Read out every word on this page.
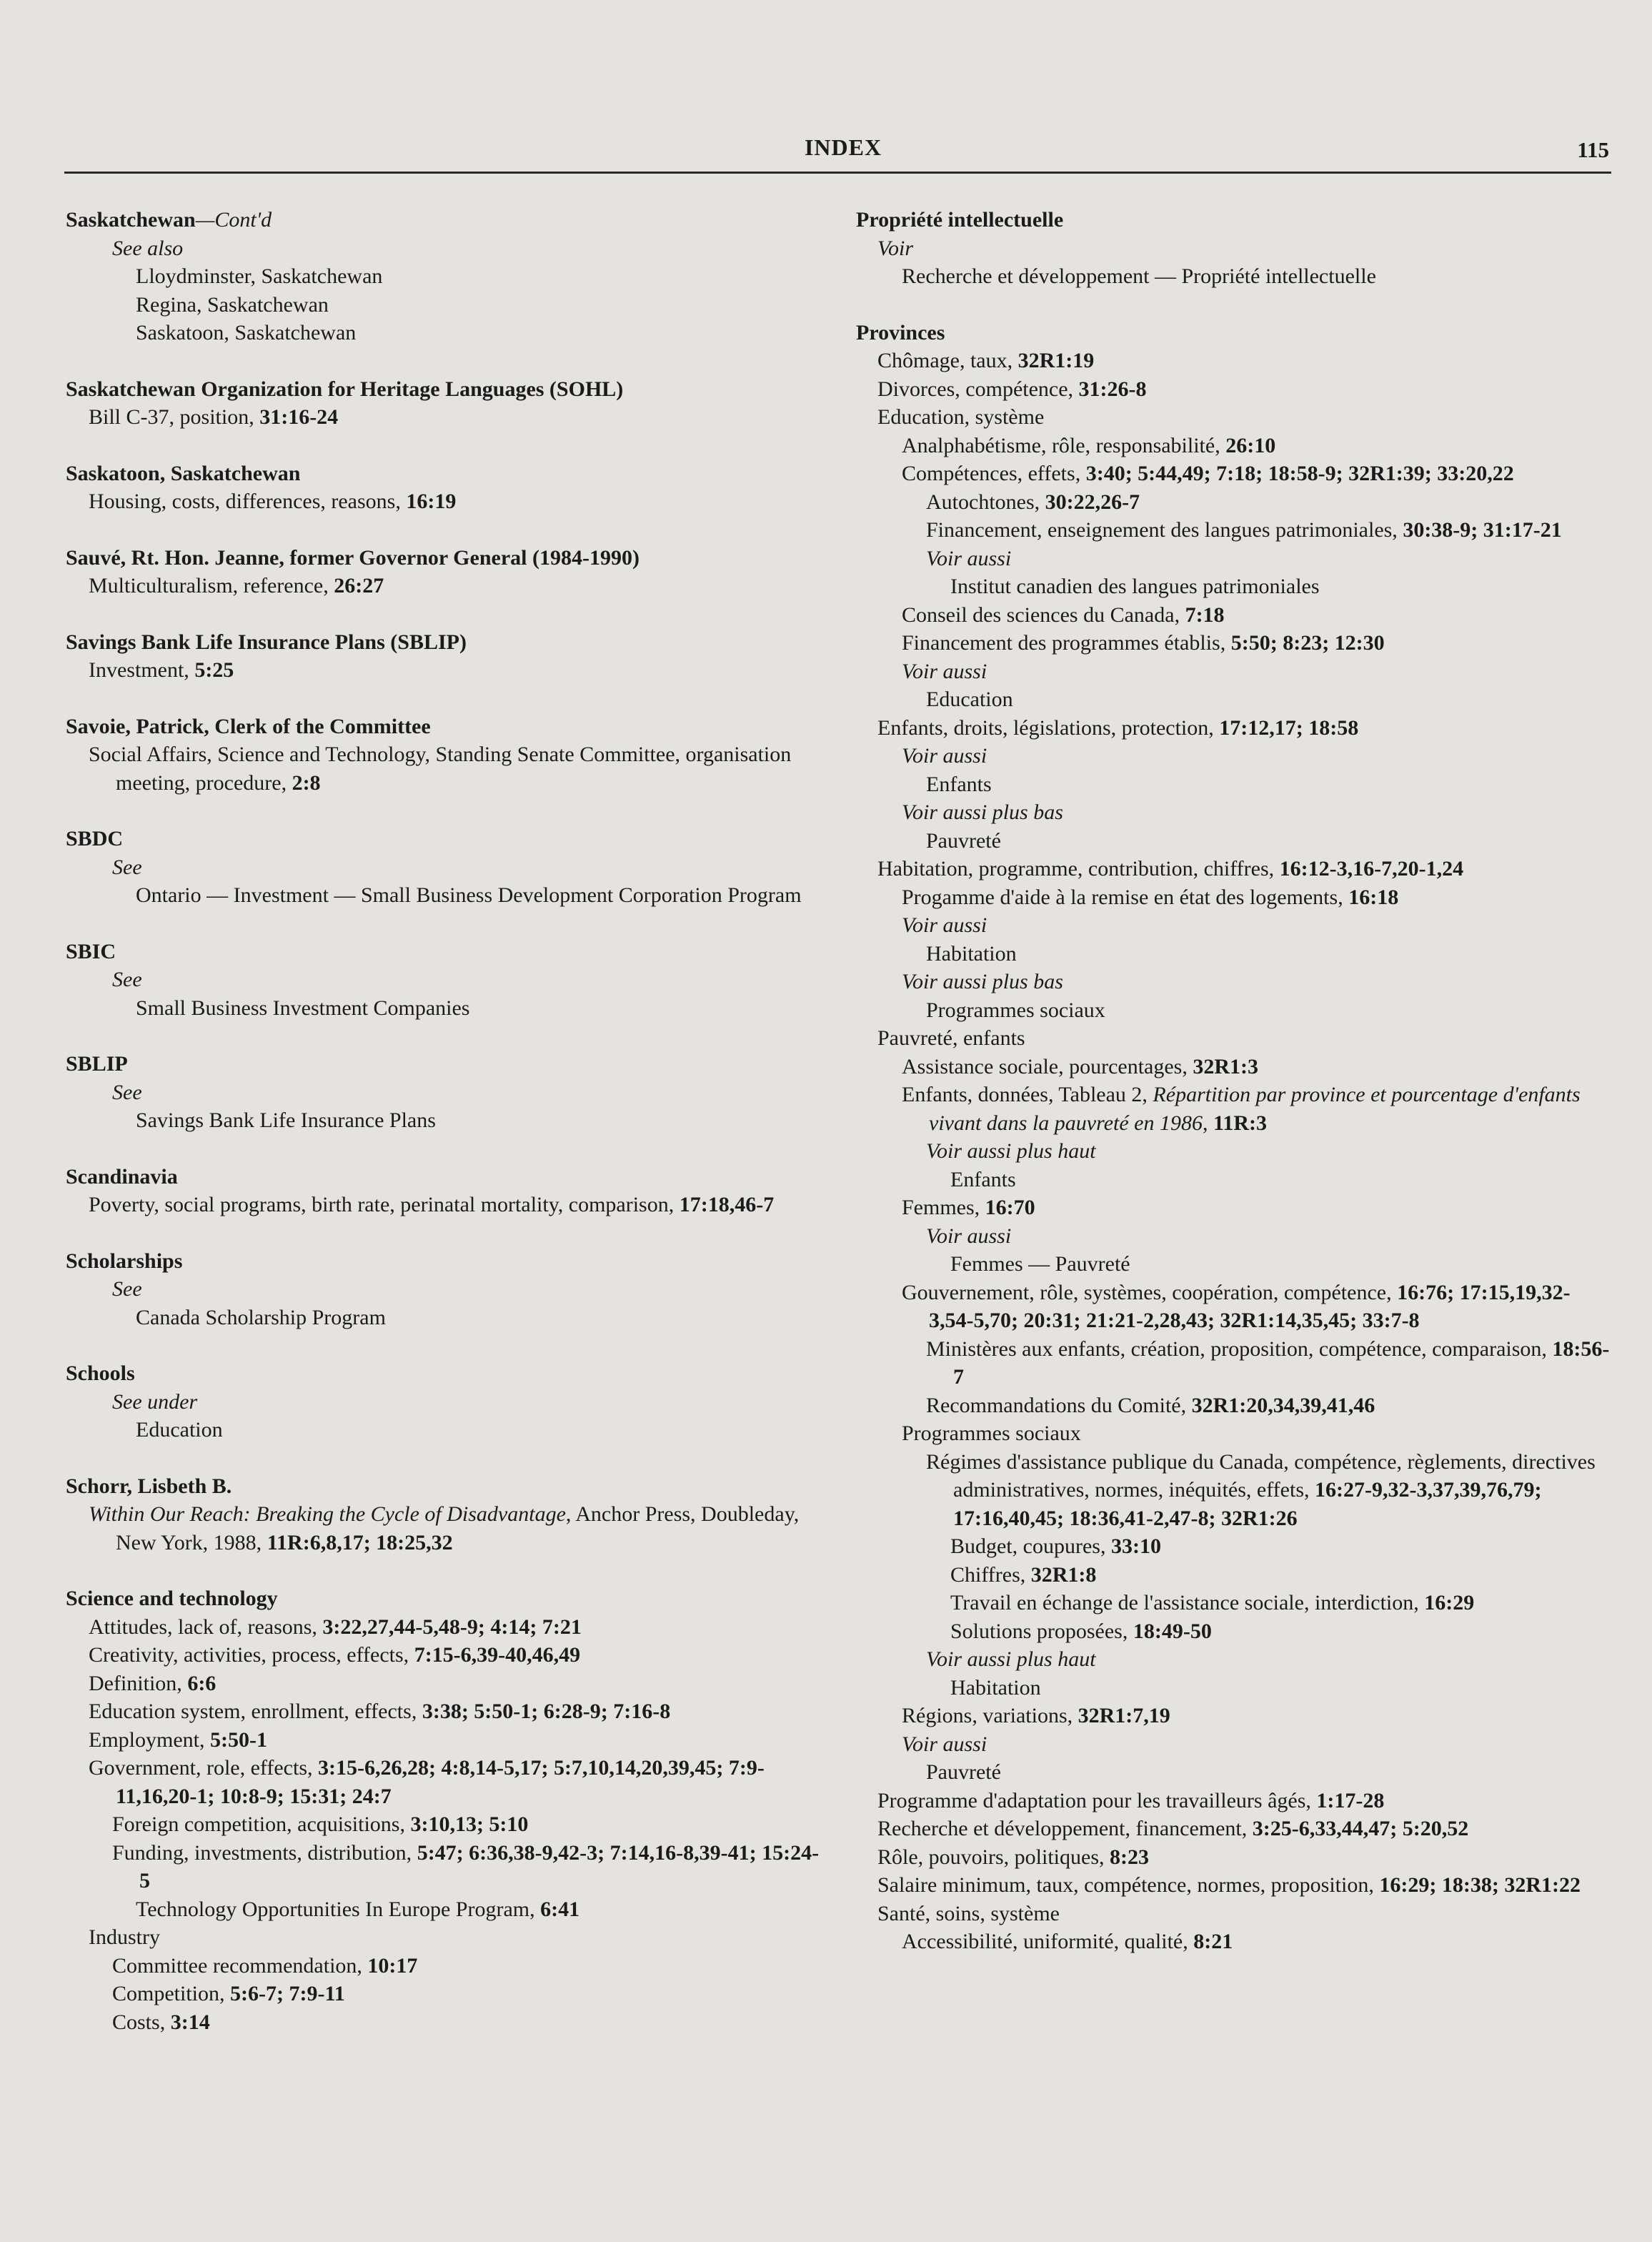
INDEX	115
Saskatchewan—Cont'd
See also
Lloydminster, Saskatchewan
Regina, Saskatchewan
Saskatoon, Saskatchewan
Saskatchewan Organization for Heritage Languages (SOHL)
Bill C-37, position, 31:16-24
Saskatoon, Saskatchewan
Housing, costs, differences, reasons, 16:19
Sauvé, Rt. Hon. Jeanne, former Governor General (1984-1990)
Multiculturalism, reference, 26:27
Savings Bank Life Insurance Plans (SBLIP)
Investment, 5:25
Savoie, Patrick, Clerk of the Committee
Social Affairs, Science and Technology, Standing Senate Committee, organisation meeting, procedure, 2:8
SBDC
See
Ontario — Investment — Small Business Development Corporation Program
SBIC
See
Small Business Investment Companies
SBLIP
See
Savings Bank Life Insurance Plans
Scandinavia
Poverty, social programs, birth rate, perinatal mortality, comparison, 17:18,46-7
Scholarships
See
Canada Scholarship Program
Schools
See under
Education
Schorr, Lisbeth B.
Within Our Reach: Breaking the Cycle of Disadvantage, Anchor Press, Doubleday, New York, 1988, 11R:6,8,17; 18:25,32
Science and technology
Attitudes, lack of, reasons, 3:22,27,44-5,48-9; 4:14; 7:21
Creativity, activities, process, effects, 7:15-6,39-40,46,49
Definition, 6:6
Education system, enrollment, effects, 3:38; 5:50-1; 6:28-9; 7:16-8
Employment, 5:50-1
Government, role, effects, 3:15-6,26,28; 4:8,14-5,17; 5:7,10,14,20,39,45; 7:9-11,16,20-1; 10:8-9; 15:31; 24:7
Foreign competition, acquisitions, 3:10,13; 5:10
Funding, investments, distribution, 5:47; 6:36,38-9,42-3; 7:14,16-8,39-41; 15:24-5
Technology Opportunities In Europe Program, 6:41
Industry
Committee recommendation, 10:17
Competition, 5:6-7; 7:9-11
Costs, 3:14
Propriété intellectuelle
Voir
Recherche et développement — Propriété intellectuelle
Provinces
Chômage, taux, 32R1:19
Divorces, compétence, 31:26-8
Education, système
Analphabétisme, rôle, responsabilité, 26:10
Compétences, effets, 3:40; 5:44,49; 7:18; 18:58-9; 32R1:39; 33:20,22
Autochtones, 30:22,26-7
Financement, enseignement des langues patrimoniales, 30:38-9; 31:17-21
Voir aussi
Institut canadien des langues patrimoniales
Conseil des sciences du Canada, 7:18
Financement des programmes établis, 5:50; 8:23; 12:30
Voir aussi
Education
Enfants, droits, législations, protection, 17:12,17; 18:58
Voir aussi
Enfants
Voir aussi plus bas
Pauvreté
Habitation, programme, contribution, chiffres, 16:12-3,16-7,20-1,24
Progamme d'aide à la remise en état des logements, 16:18
Voir aussi
Habitation
Voir aussi plus bas
Programmes sociaux
Pauvreté, enfants
Assistance sociale, pourcentages, 32R1:3
Enfants, données, Tableau 2, Répartition par province et pourcentage d'enfants vivant dans la pauvreté en 1986, 11R:3
Voir aussi plus haut
Enfants
Femmes, 16:70
Voir aussi
Femmes — Pauvreté
Gouvernement, rôle, systèmes, coopération, compétence, 16:76; 17:15,19,32-3,54-5,70; 20:31; 21:21-2,28,43; 32R1:14,35,45; 33:7-8
Ministères aux enfants, création, proposition, compétence, comparaison, 18:56-7
Recommandations du Comité, 32R1:20,34,39,41,46
Programmes sociaux
Régimes d'assistance publique du Canada, compétence, règlements, directives administratives, normes, inéquités, effets, 16:27-9,32-3,37,39,76,79; 17:16,40,45; 18:36,41-2,47-8; 32R1:26
Budget, coupures, 33:10
Chiffres, 32R1:8
Travail en échange de l'assistance sociale, interdiction, 16:29
Solutions proposées, 18:49-50
Voir aussi plus haut
Habitation
Régions, variations, 32R1:7,19
Voir aussi
Pauvreté
Programme d'adaptation pour les travailleurs âgés, 1:17-28
Recherche et développement, financement, 3:25-6,33,44,47; 5:20,52
Rôle, pouvoirs, politiques, 8:23
Salaire minimum, taux, compétence, normes, proposition, 16:29; 18:38; 32R1:22
Santé, soins, système
Accessibilité, uniformité, qualité, 8:21
